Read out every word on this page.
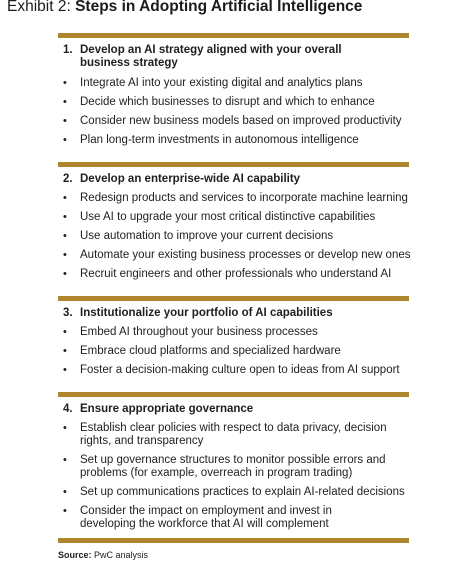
Exhibit 2: Steps in Adopting Artificial Intelligence
1. Develop an AI strategy aligned with your overall business strategy
•	Integrate AI into your existing digital and analytics plans
•	Decide which businesses to disrupt and which to enhance
•	Consider new business models based on improved productivity
•	Plan long-term investments in autonomous intelligence
2. Develop an enterprise-wide AI capability
•	Redesign products and services to incorporate machine learning
•	Use AI to upgrade your most critical distinctive capabilities
•	Use automation to improve your current decisions
•	Automate your existing business processes or develop new ones
•	Recruit engineers and other professionals who understand AI
3. Institutionalize your portfolio of AI capabilities
•	Embed AI throughout your business processes
•	Embrace cloud platforms and specialized hardware
•	Foster a decision-making culture open to ideas from AI support
4. Ensure appropriate governance
•	Establish clear policies with respect to data privacy, decision rights, and transparency
•	Set up governance structures to monitor possible errors and problems (for example, overreach in program trading)
•	Set up communications practices to explain AI-related decisions
•	Consider the impact on employment and invest in developing the workforce that AI will complement
Source: PwC analysis
